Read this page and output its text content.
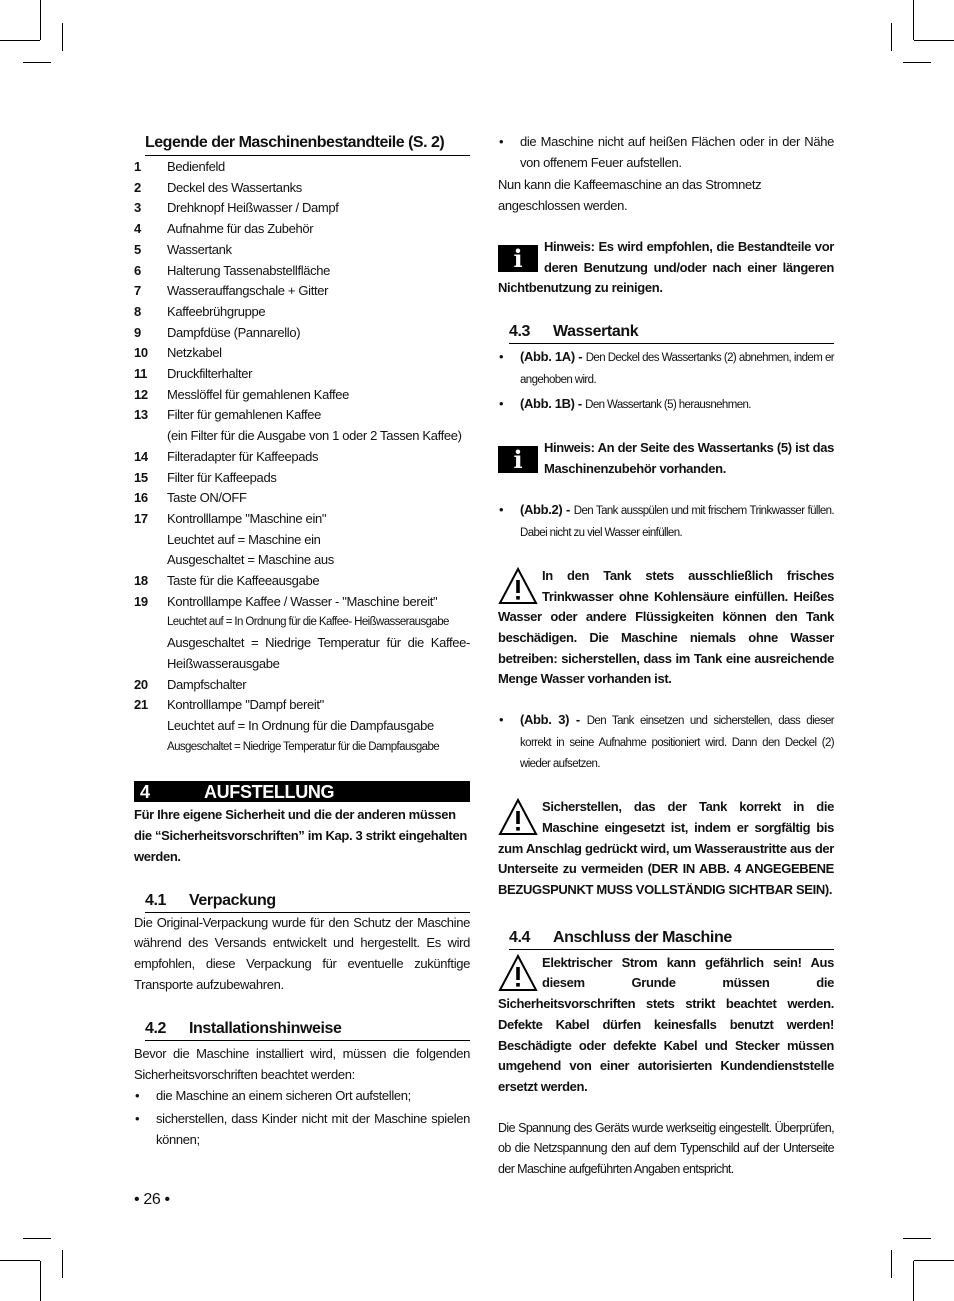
Legende der Maschinenbestandteile (S. 2)
1	Bedienfeld
2	Deckel des Wassertanks
3	Drehknopf Heißwasser / Dampf
4	Aufnahme für das Zubehör
5	Wassertank
6	Halterung Tassenabstellfläche
7	Wasserauffangschale + Gitter
8	Kaffeebrühgruppe
9	Dampfdüse (Pannarello)
10	Netzkabel
11	Druckfilterhalter
12	Messlöffel für gemahlenen Kaffee
13	Filter für gemahlenen Kaffee
(ein Filter für die Ausgabe von 1 oder 2 Tassen Kaffee)
14	Filteradapter für Kaffeepads
15	Filter für Kaffeepads
16	Taste ON/OFF
17	Kontrolllampe "Maschine ein"
Leuchtet auf = Maschine ein
Ausgeschaltet = Maschine aus
18	Taste für die Kaffeeausgabe
19	Kontrolllampe Kaffee / Wasser - "Maschine bereit"
Leuchtet auf = In Ordnung für die Kaffee- Heißwasserausgabe
Ausgeschaltet = Niedrige Temperatur für die Kaffee-Heißwasserausgabe
20	Dampfschalter
21	Kontrolllampe "Dampf bereit"
Leuchtet auf = In Ordnung für die Dampfausgabe
Ausgeschaltet = Niedrige Temperatur für die Dampfausgabe
4	AUFSTELLUNG

Für Ihre eigene Sicherheit und die der anderen müssen die “Sicherheitsvorschriften” im Kap. 3 strikt eingehalten werden.

4.1	Verpackung

Die Original-Verpackung wurde für den Schutz der Maschine während des Versands entwickelt und hergestellt. Es wird empfohlen, diese Verpackung für eventuelle zukünftige Transporte aufzubewahren.

4.2	Installationshinweise

Bevor die Maschine installiert wird, müssen die folgenden Sicherheitsvorschriften beachtet werden:

•	die Maschine an einem sicheren Ort aufstellen;
•	sicherstellen, dass Kinder nicht mit der Maschine spielen können;
•	die Maschine nicht auf heißen Flächen oder in der Nähe von offenem Feuer aufstellen.

Nun kann die Kaffeemaschine an das Stromnetz angeschlossen werden.

i	Hinweis: Es wird empfohlen, die Bestandteile vor deren Benutzung und/oder nach einer längeren Nichtbenutzung zu reinigen.
4.3	Wassertank
•	(Abb. 1A) - Den Deckel des Wassertanks (2) abnehmen, indem er angehoben wird.
•	(Abb. 1B) - Den Wassertank (5) herausnehmen.
i	Hinweis: An der Seite des Wassertanks (5) ist das Maschinenzubehör vorhanden.
•	(Abb.2) - Den Tank ausspülen und mit frischem Trinkwasser füllen. Dabei nicht zu viel Wasser einfüllen.
In den Tank stets ausschließlich frisches Trinkwasser ohne Kohlensäure einfüllen. Heißes Wasser oder andere Flüssigkeiten können den Tank beschädigen. Die Maschine niemals ohne Wasser betreiben: sicherstellen, dass im Tank eine ausreichende Menge Wasser vorhanden ist.
•	(Abb. 3) - Den Tank einsetzen und sicherstellen, dass dieser korrekt in seine Aufnahme positioniert wird. Dann den Deckel (2) wieder aufsetzen.
Sicherstellen, das der Tank korrekt in die Maschine eingesetzt ist, indem er sorgfältig bis zum Anschlag gedrückt wird, um Wasseraustritte aus der Unterseite zu vermeiden (DER IN ABB. 4 ANGEGEBENE BEZUGSPUNKT MUSS VOLLSTÄNDIG SICHTBAR SEIN).
4.4	Anschluss der Maschine
Elektrischer Strom kann gefährlich sein! Aus diesem Grunde müssen die Sicherheitsvorschriften stets strikt beachtet werden. Defekte Kabel dürfen keinesfalls benutzt werden! Beschädigte oder defekte Kabel und Stecker müssen umgehend von einer autorisierten Kundendienststelle ersetzt werden.

Die Spannung des Geräts wurde werkseitig eingestellt. Überprüfen, ob die Netzspannung den auf dem Typenschild auf der Unterseite der Maschine aufgeführten Angaben entspricht.

• 26 •
